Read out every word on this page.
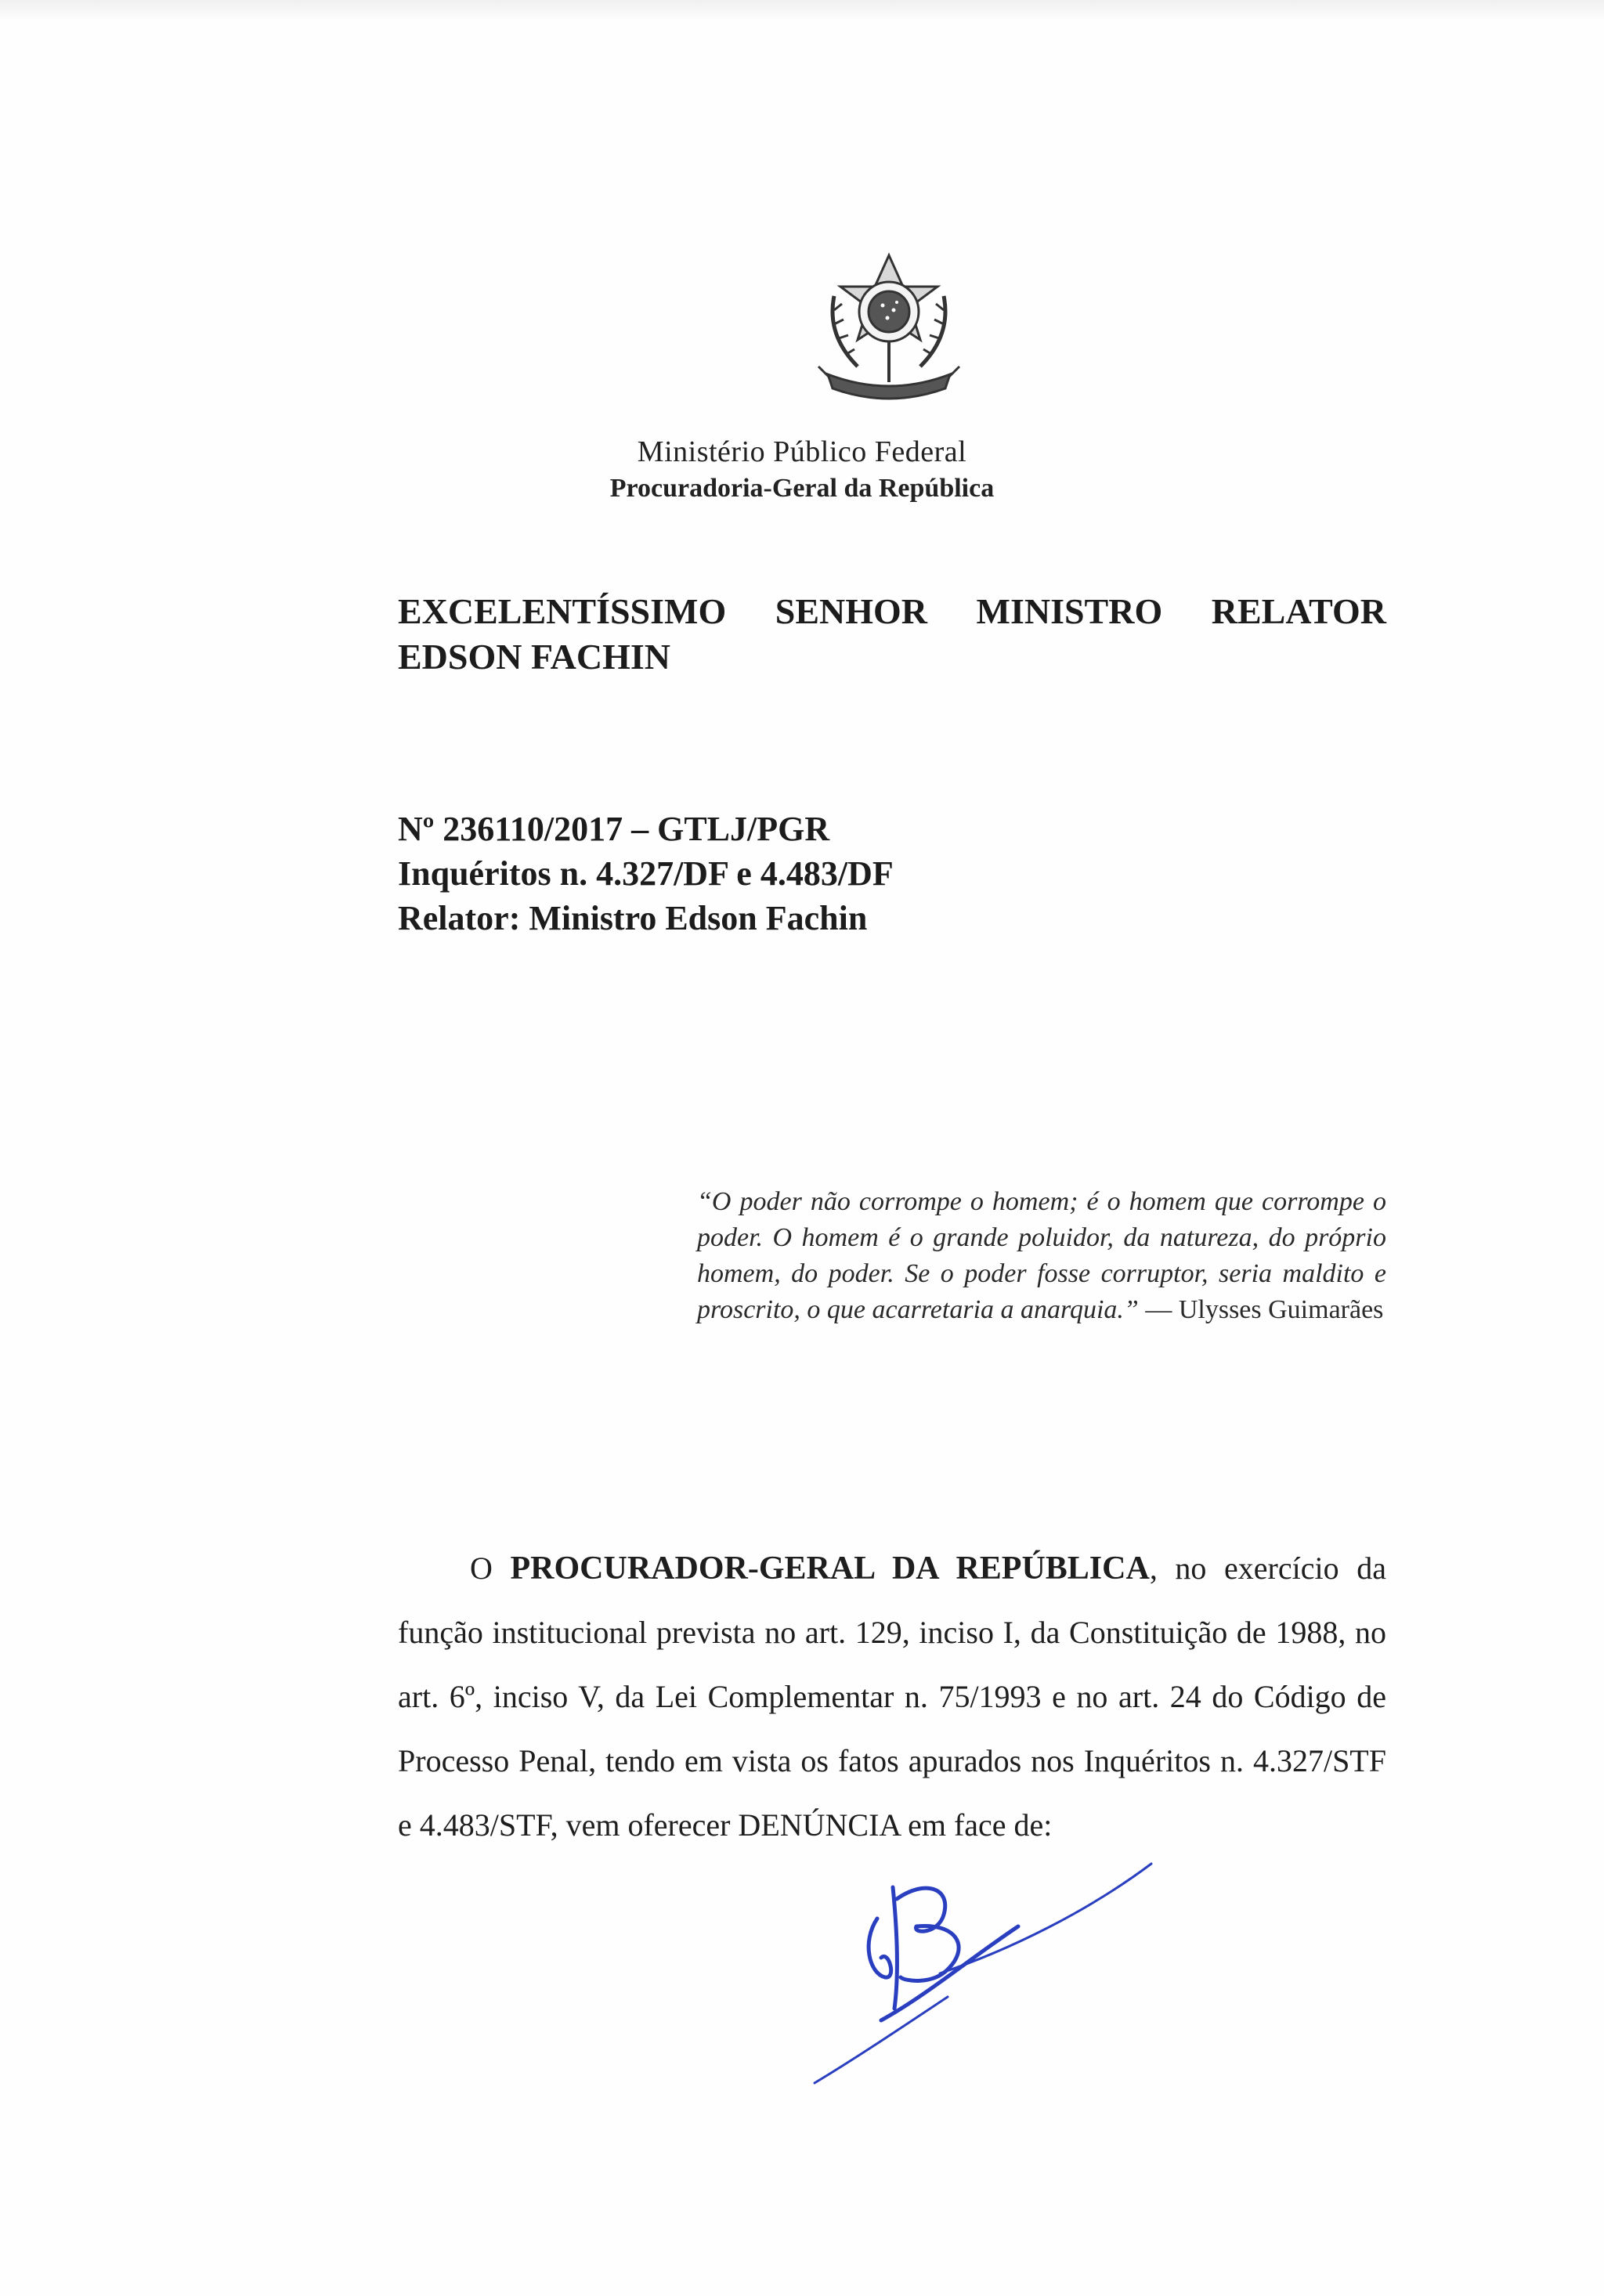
Ministério Público Federal
Procuradoria-Geral da República
EXCELENTÍSSIMO SENHOR MINISTRO RELATOR
EDSON FACHIN
Nº 236110/2017 – GTLJ/PGR
Inquéritos n. 4.327/DF e 4.483/DF
Relator: Ministro Edson Fachin
“O poder não corrompe o homem; é o homem que corrompe o poder. O homem é o grande poluidor, da natureza, do próprio homem, do poder. Se o poder fosse corruptor, seria maldito e proscrito, o que acarretaria a anarquia.” — Ulysses Guimarães
O PROCURADOR-GERAL DA REPÚBLICA, no exercício da função institucional prevista no art. 129, inciso I, da Constituição de 1988, no art. 6º, inciso V, da Lei Complementar n. 75/1993 e no art. 24 do Código de Processo Penal, tendo em vista os fatos apurados nos Inquéritos n. 4.327/STF e 4.483/STF, vem oferecer DENÚNCIA em face de:
